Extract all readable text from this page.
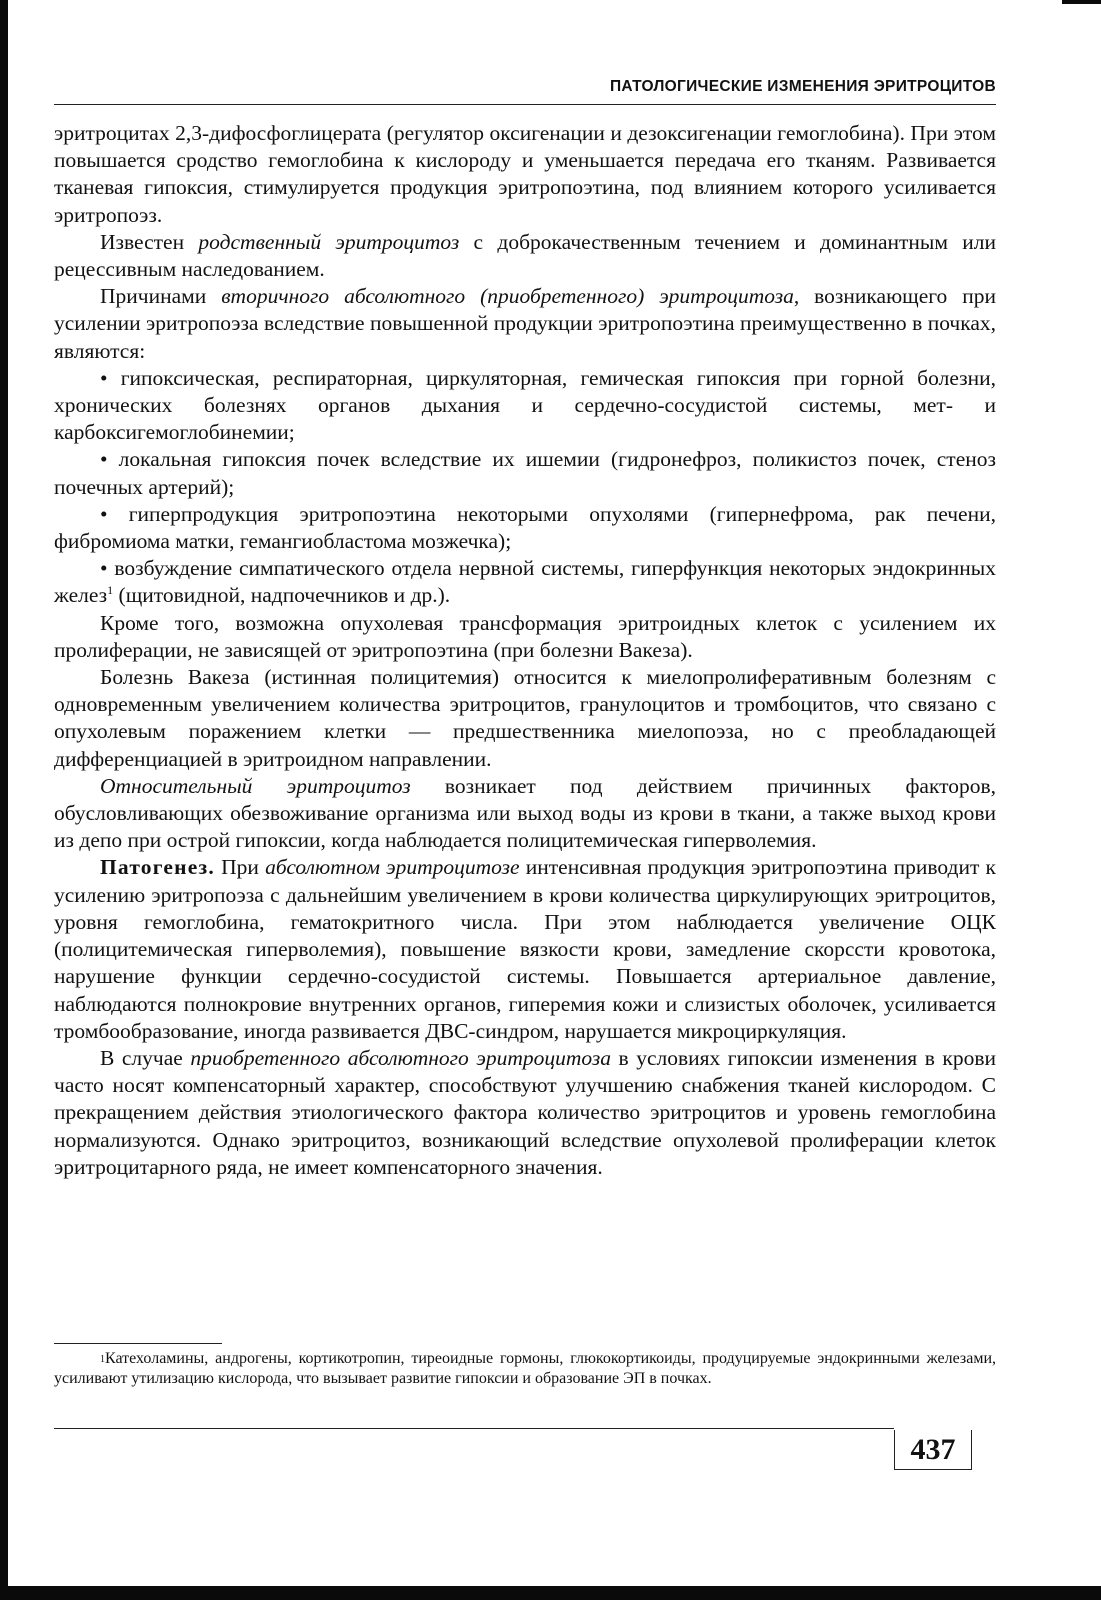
ПАТОЛОГИЧЕСКИЕ ИЗМЕНЕНИЯ ЭРИТРОЦИТОВ

эритроцитах 2,3-дифосфоглицерата (регулятор оксигенации и дезоксигенации гемоглобина). При этом повышается сродство гемоглобина к кислороду и уменьшается передача его тканям. Развивается тканевая гипоксия, стимулируется продукция эритропоэтина, под влиянием которого усиливается эритропоэз.

Известен родственный эритроцитоз с доброкачественным течением и доминантным или рецессивным наследованием.

Причинами вторичного абсолютного (приобретенного) эритроцитоза, возникающего при усилении эритропоэза вследствие повышенной продукции эритропоэтина преимущественно в почках, являются:

• гипоксическая, респираторная, циркуляторная, гемическая гипоксия при горной болезни, хронических болезнях органов дыхания и сердечно-сосудистой системы, мет- и карбоксигемоглобинемии;

• локальная гипоксия почек вследствие их ишемии (гидронефроз, поликистоз почек, стеноз почечных артерий);

• гиперпродукция эритропоэтина некоторыми опухолями (гипернефрома, рак печени, фибромиома матки, гемангиобластома мозжечка);

• возбуждение симпатического отдела нервной системы, гиперфункция некоторых эндокринных желез$^1$ (щитовидной, надпочечников и др.).

Кроме того, возможна опухолевая трансформация эритроидных клеток с усилением их пролиферации, не зависящей от эритропоэтина (при болезни Вакеза).

Болезнь Вакеза (истинная полицитемия) относится к миелопролиферативным болезням с одновременным увеличением количества эритроцитов, гранулоцитов и тромбоцитов, что связано с опухолевым поражением клетки — предшественника миелопоэза, но с преобладающей дифференциацией в эритроидном направлении.

Относительный эритроцитоз возникает под действием причинных факторов, обусловливающих обезвоживание организма или выход воды из крови в ткани, а также выход крови из депо при острой гипоксии, когда наблюдается полицитемическая гиперволемия.

Патогенез. При абсолютном эритроцитозе интенсивная продукция эритропоэтина приводит к усилению эритропоэза с дальнейшим увеличением в крови количества циркулирующих эритроцитов, уровня гемоглобина, гематокритного числа. При этом наблюдается увеличение ОЦК (полицитемическая гиперволемия), повышение вязкости крови, замедление скорсcти кровотока, нарушение функции сердечно-сосудистой системы. Повышается артериальное давление, наблюдаются полнокровие внутренних органов, гиперемия кожи и слизистых оболочек, усиливается тромбообразование, иногда развивается ДВС-синдром, нарушается микроциркуляция.

В случае приобретенного абсолютного эритроцитоза в условиях гипоксии изменения в крови часто носят компенсаторный характер, способствуют улучшению снабжения тканей кислородом. С прекращением действия этиологического фактора количество эритроцитов и уровень гемоглобина нормализуются. Однако эритроцитоз, возникающий вследствие опухолевой пролиферации клеток эритроцитарного ряда, не имеет компенсаторного значения.

$^1$Катехоламины, андрогены, кортикотропин, тиреоидные гормоны, глюкокортикоиды, продуцируемые эндокринными железами, усиливают утилизацию кислорода, что вызывает развитие гипоксии и образование ЭП в почках.

437
